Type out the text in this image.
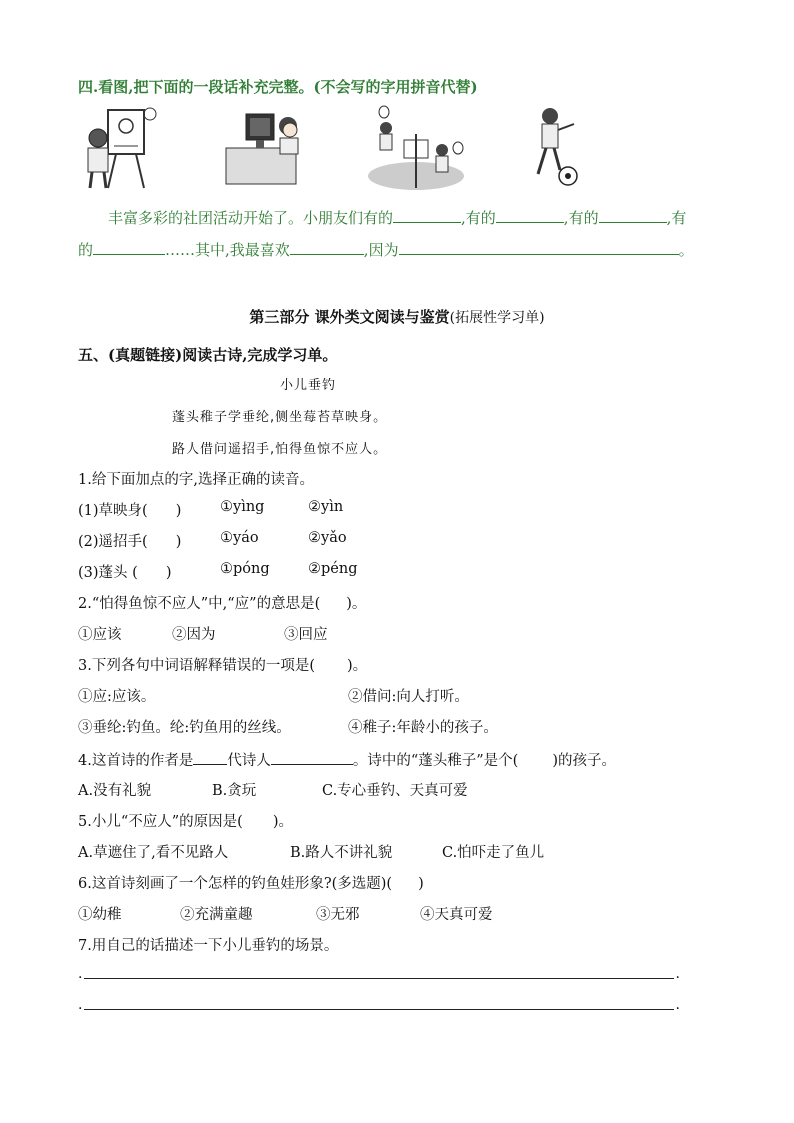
四.看图,把下面的一段话补充完整。(不会写的字用拼音代替)
丰富多彩的社团活动开始了。小朋友们有的	,有的	,有的	,有
的	……其中,我最喜欢	,因为	。
第三部分 课外类文阅读与鉴赏(拓展性学习单)
五、(真题链接)阅读古诗,完成学习单。
小儿垂钓
蓬头稚子学垂纶,侧坐莓苔草映身。
路人借问遥招手,怕得鱼惊不应人。
1.给下面加点的字,选择正确的读音。
(1)草映身( )	①yìng	②yìn
(2)遥招手( )	①yáo	②yǎo
(3)蓬头 ( )	①póng	②péng
2.“怕得鱼惊不应人”中,“应”的意思是( )。
①应该	②因为	③回应
3.下列各句中词语解释错误的一项是( )。
①应:应该。	②借问:向人打听。
③垂纶:钓鱼。纶:钓鱼用的丝线。	④稚子:年龄小的孩子。
4.这首诗的作者是 代诗人	。诗中的“蓬头稚子”是个( )的孩子。
A.没有礼貌	B.贪玩	C.专心垂钓、天真可爱
5.小儿“不应人”的原因是( )。
A.草遮住了,看不见路人	B.路人不讲礼貌	C.怕吓走了鱼儿
6.这首诗刻画了一个怎样的钓鱼娃形象?(多选题)( )
①幼稚	②充满童趣	③无邪	④天真可爱
7.用自己的话描述一下小儿垂钓的场景。
.	.
.	.
